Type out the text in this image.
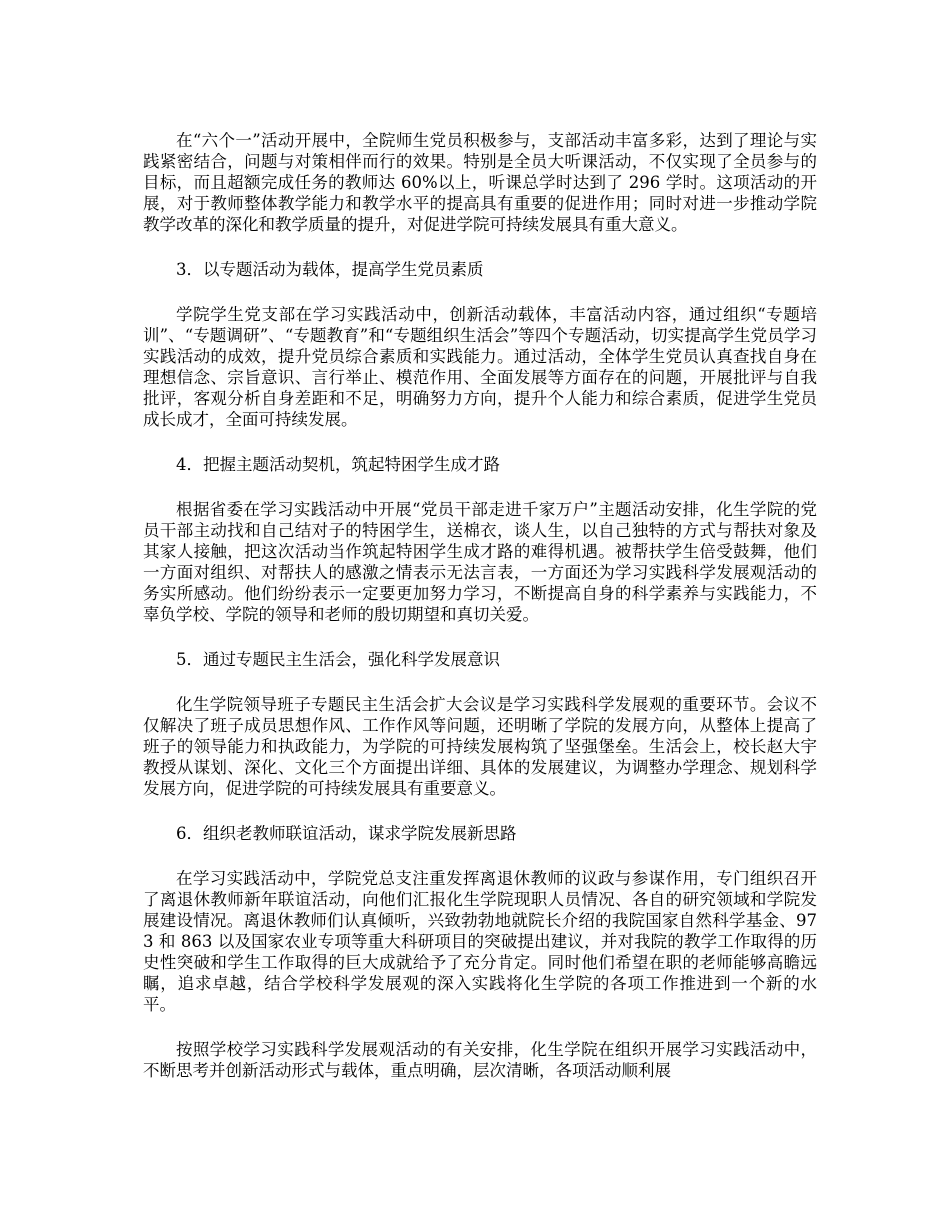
在“六个一”活动开展中，全院师生党员积极参与，支部活动丰富多彩，达到了理论与实践紧密结合，问题与对策相伴而行的效果。特别是全员大听课活动，不仅实现了全员参与的目标，而且超额完成任务的教师达 60%以上，听课总学时达到了 296 学时。这项活动的开展，对于教师整体教学能力和教学水平的提高具有重要的促进作用；同时对进一步推动学院教学改革的深化和教学质量的提升，对促进学院可持续发展具有重大意义。

3．以专题活动为载体，提高学生党员素质

学院学生党支部在学习实践活动中，创新活动载体，丰富活动内容，通过组织“专题培训”、“专题调研”、“专题教育”和“专题组织生活会”等四个专题活动，切实提高学生党员学习实践活动的成效，提升党员综合素质和实践能力。通过活动，全体学生党员认真查找自身在理想信念、宗旨意识、言行举止、模范作用、全面发展等方面存在的问题，开展批评与自我批评，客观分析自身差距和不足，明确努力方向，提升个人能力和综合素质，促进学生党员成长成才，全面可持续发展。

4．把握主题活动契机，筑起特困学生成才路

根据省委在学习实践活动中开展“党员干部走进千家万户”主题活动安排，化生学院的党员干部主动找和自己结对子的特困学生，送棉衣，谈人生，以自己独特的方式与帮扶对象及其家人接触，把这次活动当作筑起特困学生成才路的难得机遇。被帮扶学生倍受鼓舞，他们一方面对组织、对帮扶人的感激之情表示无法言表，一方面还为学习实践科学发展观活动的务实所感动。他们纷纷表示一定要更加努力学习，不断提高自身的科学素养与实践能力，不辜负学校、学院的领导和老师的殷切期望和真切关爱。

5．通过专题民主生活会，强化科学发展意识

化生学院领导班子专题民主生活会扩大会议是学习实践科学发展观的重要环节。会议不仅解决了班子成员思想作风、工作作风等问题，还明晰了学院的发展方向，从整体上提高了班子的领导能力和执政能力，为学院的可持续发展构筑了坚强堡垒。生活会上，校长赵大宇教授从谋划、深化、文化三个方面提出详细、具体的发展建议，为调整办学理念、规划科学发展方向，促进学院的可持续发展具有重要意义。

6．组织老教师联谊活动，谋求学院发展新思路

在学习实践活动中，学院党总支注重发挥离退休教师的议政与参谋作用，专门组织召开了离退休教师新年联谊活动，向他们汇报化生学院现职人员情况、各自的研究领域和学院发展建设情况。离退休教师们认真倾听，兴致勃勃地就院长介绍的我院国家自然科学基金、973 和 863 以及国家农业专项等重大科研项目的突破提出建议，并对我院的教学工作取得的历史性突破和学生工作取得的巨大成就给予了充分肯定。同时他们希望在职的老师能够高瞻远瞩，追求卓越，结合学校科学发展观的深入实践将化生学院的各项工作推进到一个新的水平。

按照学校学习实践科学发展观活动的有关安排，化生学院在组织开展学习实践活动中，不断思考并创新活动形式与载体，重点明确，层次清晰，各项活动顺利展
